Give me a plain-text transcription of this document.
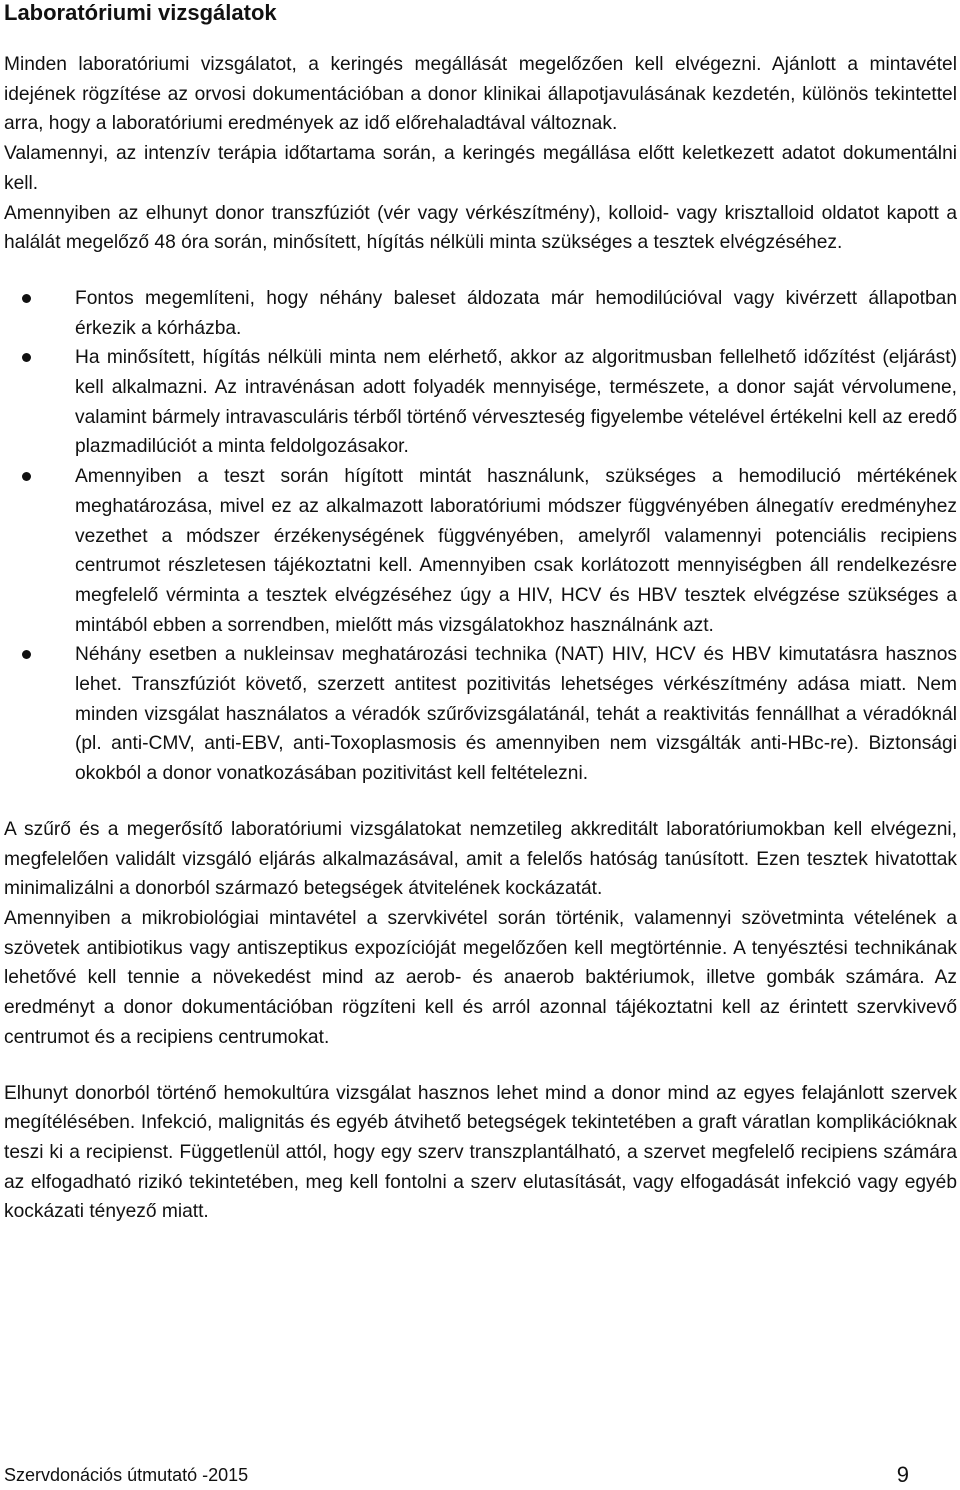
Laboratóriumi vizsgálatok

Minden laboratóriumi vizsgálatot, a keringés megállását megelőzően kell elvégezni. Ajánlott a mintavétel idejének rögzítése az orvosi dokumentációban a donor klinikai állapotjavulásának kezdetén, különös tekintettel arra, hogy a laboratóriumi eredmények az idő előrehaladtával változnak.

Valamennyi, az intenzív terápia időtartama során, a keringés megállása előtt keletkezett adatot dokumentálni kell.

Amennyiben az elhunyt donor transzfúziót (vér vagy vérkészítmény), kolloid- vagy krisztalloid oldatot kapott a halálát megelőző 48 óra során, minősített, hígítás nélküli minta szükséges a tesztek elvégzéséhez.

Fontos megemlíteni, hogy néhány baleset áldozata már hemodilúcióval vagy kivérzett állapotban érkezik a kórházba.

Ha minősített, hígítás nélküli minta nem elérhető, akkor az algoritmusban fellelhető időzítést (eljárást) kell alkalmazni. Az intravénásan adott folyadék mennyisége, természete, a donor saját vérvolumene, valamint bármely intravasculáris térből történő vérveszteség figyelembe vételével értékelni kell az eredő plazmadilúciót a minta feldolgozásakor.

Amennyiben a teszt során hígított mintát használunk, szükséges a hemodilució mértékének meghatározása, mivel ez az alkalmazott laboratóriumi módszer függvényében álnegatív eredményhez vezethet a módszer érzékenységének függvényében, amelyről valamennyi potenciális recipiens centrumot részletesen tájékoztatni kell. Amennyiben csak korlátozott mennyiségben áll rendelkezésre megfelelő vérminta a tesztek elvégzéséhez úgy a HIV, HCV és HBV tesztek elvégzése szükséges a mintából ebben a sorrendben, mielőtt más vizsgálatokhoz használnánk azt.

Néhány esetben a nukleinsav meghatározási technika (NAT) HIV, HCV és HBV kimutatásra hasznos lehet. Transzfúziót követő, szerzett antitest pozitivitás lehetséges vérkészítmény adása miatt. Nem minden vizsgálat használatos a véradók szűrővizsgálatánál, tehát a reaktivitás fennállhat a véradóknál (pl. anti-CMV, anti-EBV, anti-Toxoplasmosis és amennyiben nem vizsgálták anti-HBc-re). Biztonsági okokból a donor vonatkozásában pozitivitást kell feltételezni.

A szűrő és a megerősítő laboratóriumi vizsgálatokat nemzetileg akkreditált laboratóriumokban kell elvégezni, megfelelően validált vizsgáló eljárás alkalmazásával, amit a felelős hatóság tanúsított. Ezen tesztek hivatottak minimalizálni a donorból származó betegségek átvitelének kockázatát.

Amennyiben a mikrobiológiai mintavétel a szervkivétel során történik, valamennyi szövetminta vételének a szövetek antibiotikus vagy antiszeptikus expozícióját megelőzően kell megtörténnie. A tenyésztési technikának lehetővé kell tennie a növekedést mind az aerob- és anaerob baktériumok, illetve gombák számára. Az eredményt a donor dokumentációban rögzíteni kell és arról azonnal tájékoztatni kell az érintett szervkivevő centrumot és a recipiens centrumokat.

Elhunyt donorból történő hemokultúra vizsgálat hasznos lehet mind a donor mind az egyes felajánlott szervek megítélésében. Infekció, malignitás és egyéb átvihető betegségek tekintetében a graft váratlan komplikációknak teszi ki a recipienst. Függetlenül attól, hogy egy szerv transzplantálható, a szervet megfelelő recipiens számára az elfogadható rizikó tekintetében, meg kell fontolni a szerv elutasítását, vagy elfogadását infekció vagy egyéb kockázati tényező miatt.

Szervdonációs útmutató -2015	9
